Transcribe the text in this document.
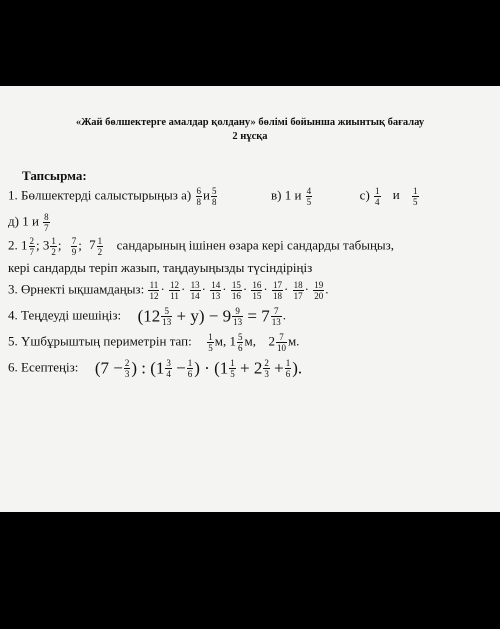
«Жай бөлшектерге амалдар қолдану» бөлімі бойынша жиынтық бағалау
2 нұсқа
Тапсырма:
1. Бөлшектерді салыстырыңыз $а) \frac{6}{8}$ и $\frac{5}{8}$	в) 1 и $\frac{4}{5}$	$с) \frac{1}{4}$ и $\frac{1}{5}$
д) 1 и $\frac{8}{7}$
2. $1 \frac{2}{7}$ ; $3 \frac{1}{2}$ ; $\frac{7}{9}$ ; $7 \frac{1}{2}$ сандарының ішінен өзара кері сандарды табыңыз,
кері сандарды теріп жазып, таңдауыңызды түсіндіріңіз
3. Өрнекті ықшамдаңыз: $\frac{11}{12} \cdot \frac{12}{11} \cdot \frac{13}{14} \cdot \frac{14}{13} \cdot \frac{15}{16} \cdot \frac{16}{15} \cdot \frac{17}{18} \cdot \frac{18}{17} \cdot \frac{19}{20}$ .
4. Теңдеуді шешіңіз: $(12 \frac{5}{13} + y) - 9 \frac{9}{13} = 7 \frac{7}{13}$ .
5. Үшбұрыштың периметрін тап: $\frac{1}{5} м$, $1 \frac{5}{6} м$, $2 \frac{7}{10} м$.
6. Есептеңіз: ($7 - \frac{2}{3}$ ) : ($1 \frac{3}{4} - \frac{1}{6}$ ) · ($1 \frac{1}{5} + 2 \frac{2}{3} + \frac{1}{6}$ ).
